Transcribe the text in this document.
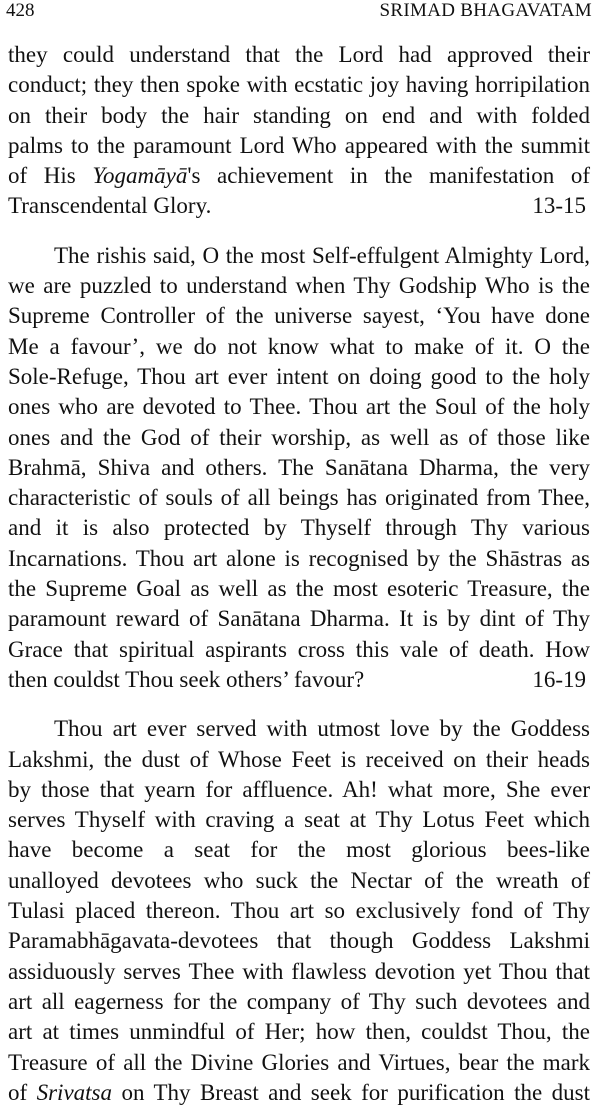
428	SRIMAD BHAGAVATAM
they could understand that the Lord had approved their
conduct; they then spoke with ecstatic joy having horripilation
on their body the hair standing on end and with folded
palms to the paramount Lord Who appeared with the summit
of His Yogamāyā's achievement in the manifestation of
Transcendental Glory.	13-15
The rishis said, O the most Self-effulgent Almighty Lord,
we are puzzled to understand when Thy Godship Who is the
Supreme Controller of the universe sayest, ‘You have done
Me a favour’, we do not know what to make of it. O the
Sole-Refuge, Thou art ever intent on doing good to the holy
ones who are devoted to Thee. Thou art the Soul of the holy
ones and the God of their worship, as well as of those like
Brahmā, Shiva and others. The Sanātana Dharma, the very
characteristic of souls of all beings has originated from Thee,
and it is also protected by Thyself through Thy various
Incarnations. Thou art alone is recognised by the Shāstras as
the Supreme Goal as well as the most esoteric Treasure, the
paramount reward of Sanātana Dharma. It is by dint of Thy
Grace that spiritual aspirants cross this vale of death. How
then couldst Thou seek others’ favour?	16-19
Thou art ever served with utmost love by the Goddess
Lakshmi, the dust of Whose Feet is received on their heads
by those that yearn for affluence. Ah! what more, She ever
serves Thyself with craving a seat at Thy Lotus Feet which
have become a seat for the most glorious bees-like
unalloyed devotees who suck the Nectar of the wreath of
Tulasi placed thereon. Thou art so exclusively fond of Thy
Paramabhāgavata-devotees that though Goddess Lakshmi
assiduously serves Thee with flawless devotion yet Thou that
art all eagerness for the company of Thy such devotees and
art at times unmindful of Her; how then, couldst Thou, the
Treasure of all the Divine Glories and Virtues, bear the mark
of Srivatsa on Thy Breast and seek for purification the dust
